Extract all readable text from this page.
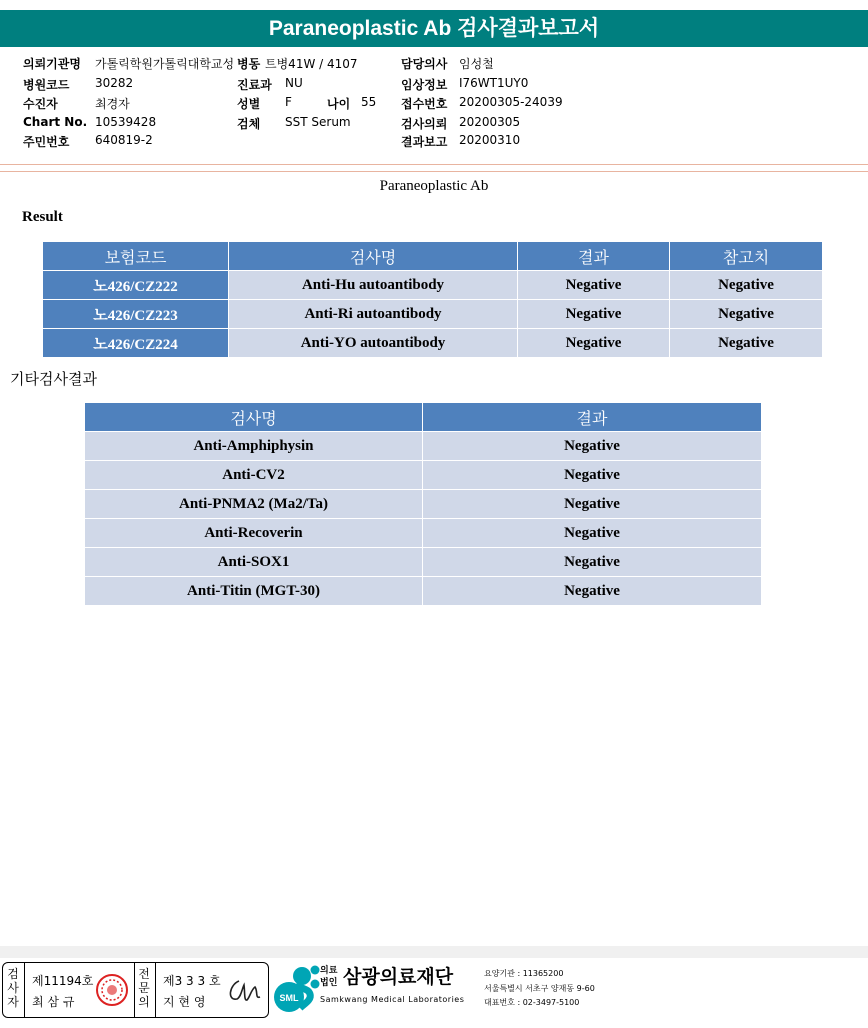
Paraneoplastic Ab 검사결과보고서
의뢰기관명 가톨릭학원가톨릭대학교성 병동 트병41W / 4107	담당의사 임성철
병원코드 30282	진료과 NU	임상정보 I76WT1UY0
수진자	최경자	성별 F	나이 55 접수번호 20200305-24039
Chart No. 10539428	검체 SST Serum	검사의뢰 20200305
주민번호 640819-2	결과보고 20200310
Paraneoplastic Ab
Result
보험코드	검사명	결과	참고치
노426/CZ222	Anti-Hu autoantibody	Negative	Negative
노426/CZ223	Anti-Ri autoantibody	Negative	Negative
노426/CZ224	Anti-YO autoantibody	Negative	Negative
기타검사결과
검사명	결과
Anti-Amphiphysin	Negative
Anti-CV2	Negative
Anti-PNMA2 (Ma2/Ta)	Negative
Anti-Recoverin	Negative
Anti-SOX1	Negative
Anti-Titin (MGT-30)	Negative
검
사
자
제11194호
최 삼 규
전
문
의
제3 3 3 호
지 현 영	SML
의료
법인 삼광의료재단
Samkwang Medical Laboratories
요양기관 : 11365200
서울특별시 서초구 양재동 9-60
대표번호 : 02-3497-5100
